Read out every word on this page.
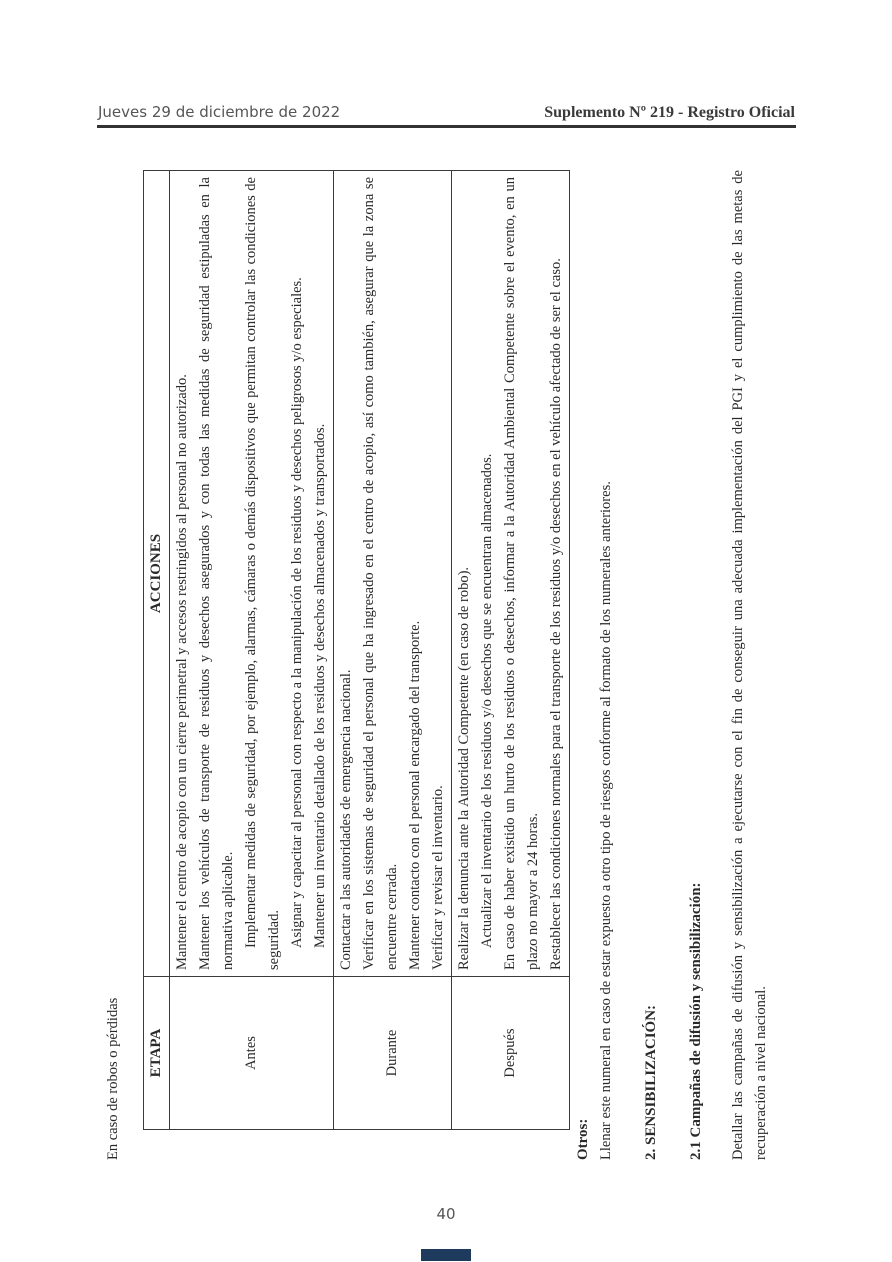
Jueves 29 de diciembre de 2022	Suplemento Nº 219 - Registro Oficial

En caso de robos o pérdidas ETAPA	ACCIONES
Antes	Mantener el centro de acopio con un cierre perimetral y accesos restringidos al personal no autorizado. Mantener los vehículos de transporte de residuos y desechos asegurados y con todas las medidas de seguridad estipuladas en la normativa aplicable. Implementar medidas de seguridad, por ejemplo, alarmas, cámaras o demás dispositivos que permitan controlar las condiciones de seguridad. Asignar y capacitar al personal con respecto a la manipulación de los residuos y desechos peligrosos y/o especiales. Mantener un inventario detallado de los residuos y desechos almacenados y transportados.

Durante	Contactar a las autoridades de emergencia nacional. Verificar en los sistemas de seguridad el personal que ha ingresado en el centro de acopio, así como también, asegurar que la zona se encuentre cerrada. Mantener contacto con el personal encargado del transporte. Verificar y revisar el inventario.

Después	Realizar la denuncia ante la Autoridad Competente (en caso de robo). Actualizar el inventario de los residuos y/o desechos que se encuentran almacenados. En caso de haber existido un hurto de los residuos o desechos, informar a la Autoridad Ambiental Competente sobre el evento, en un plazo no mayor a 24 horas. Restablecer las condiciones normales para el transporte de los residuos y/o desechos en el vehículo afectado de ser el caso.

Otros: Llenar este numeral en caso de estar expuesto a otro tipo de riesgos conforme al formato de los numerales anteriores. 2. SENSIBILIZACIÓN: 2.1 Campañas de difusión y sensibilización: Detallar las campañas de difusión y sensibilización a ejecutarse con el fin de conseguir una adecuada implementación del PGI y el cumplimiento de las metas de recuperación a nivel nacional.

40
